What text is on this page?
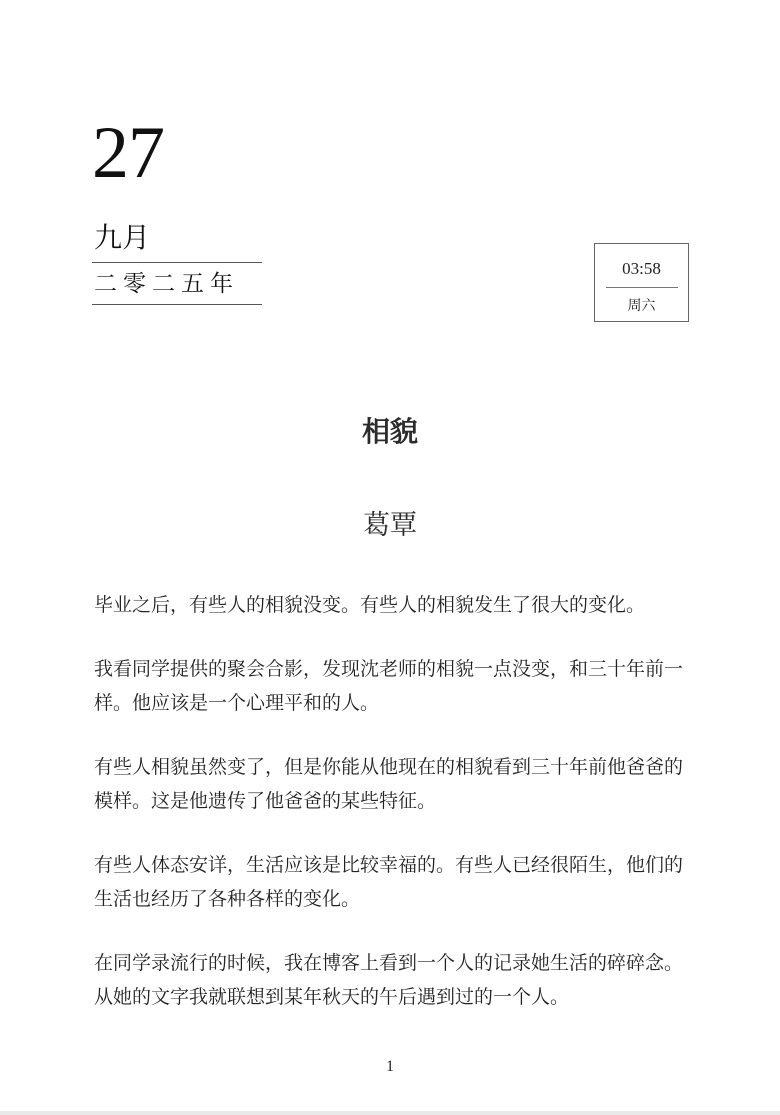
27
九月
二零二五年
03:58
周六
相貌
葛覃

毕业之后，有些人的相貌没变。有些人的相貌发生了很大的变化。

我看同学提供的聚会合影，发现沈老师的相貌一点没变，和三十年前一样。他应该是一个心理平和的人。

有些人相貌虽然变了，但是你能从他现在的相貌看到三十年前他爸爸的模样。这是他遗传了他爸爸的某些特征。

有些人体态安详，生活应该是比较幸福的。有些人已经很陌生，他们的生活也经历了各种各样的变化。

在同学录流行的时候，我在博客上看到一个人的记录她生活的碎碎念。从她的文字我就联想到某年秋天的午后遇到过的一个人。

1
